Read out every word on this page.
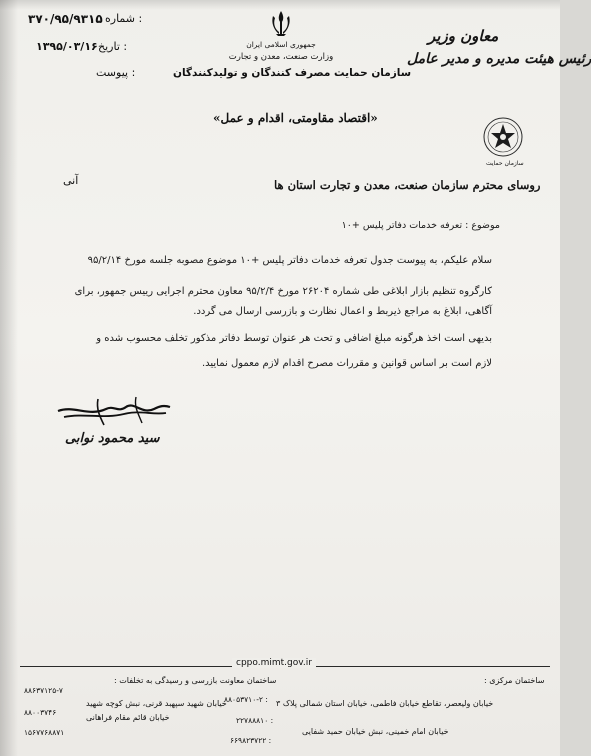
۳۷۰/۹۵/۹۳۱۵ شماره :
۱۳۹۵/۰۳/۱۶ تاریخ :
پیوست :
جمهوری اسلامی ایران
وزارت صنعت، معدن و تجارت
سازمان حمایت مصرف کنندگان و تولیدکنندگان
«اقتصاد مقاومتی، اقدام و عمل»
معاون وزیر
رئیس هیئت مدیره و مدیر عامل
سازمان حمایت
آنی	روسای محترم سازمان صنعت، معدن و تجارت استان ها
موضوع : تعرفه خدمات دفاتر پلیس +۱۰
سلام علیکم، به پیوست جدول تعرفه خدمات دفاتر پلیس +۱۰ موضوع مصوبه جلسه مورخ ۹۵/۲/۱۴
کارگروه تنظیم بازار ابلاغی طی شماره ۲۶۲۰۴ مورخ ۹۵/۲/۴ معاون محترم اجرایی رییس جمهور، برای
آگاهی، ابلاغ به مراجع ذیربط و اعمال نظارت و بازرسی ارسال می گردد.
بدیهی است اخذ هرگونه مبلغ اضافی و تحت هر عنوان توسط دفاتر مذکور تخلف محسوب شده و
لازم است بر اساس قوانین و مقررات مصرح اقدام لازم معمول نمایید.
سید محمود نوابی
cppo.mimt.gov.ir
ساختمان معاونت بازرسی و رسیدگی به تخلفات :
خیابان شهید سپهبد قرنی، نبش کوچه شهید
خیابان قائم مقام فراهانی
۸۸۶۳۷۱۲۵-۷
۸۸۰۰۳۷۴۶
۱۵۶۷۷۶۸۸۷۱
ساختمان مرکزی :
خیابان ولیعصر، تقاطع خیابان فاطمی، خیابان استان شمالی پلاک ۳
خیابان امام خمینی، نبش خیابان حمید شفایی
۸۸۰۵۳۷۱۰-۲ :
۲۲۷۸۸۸۱۰ :
۶۶۹۸۲۳۷۲۲ :
